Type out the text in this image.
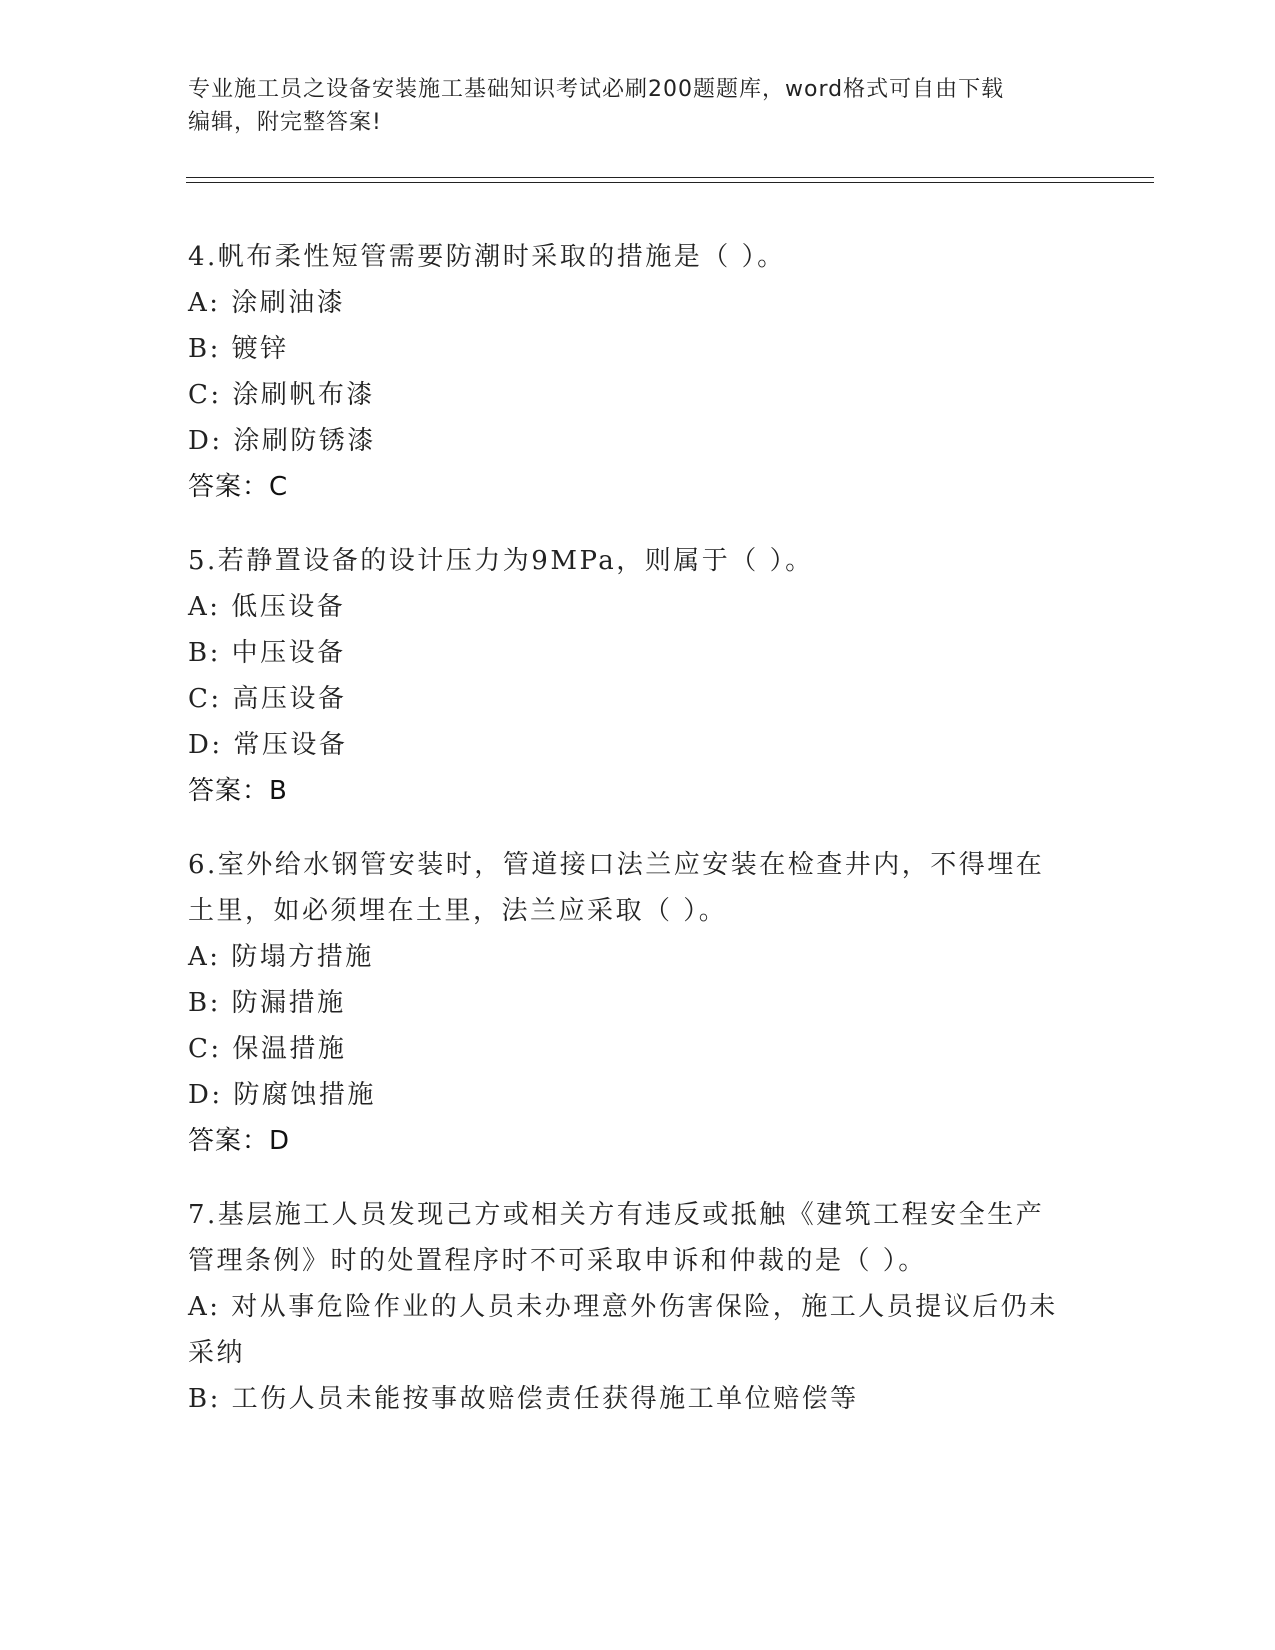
专业施工员之设备安装施工基础知识考试必刷200题题库，word格式可自由下载
编辑，附完整答案!
4.帆布柔性短管需要防潮时采取的措施是（ ）。
A: 涂刷油漆
B: 镀锌
C: 涂刷帆布漆
D: 涂刷防锈漆
答案：C
5.若静置设备的设计压力为9MPa，则属于（ ）。
A: 低压设备
B: 中压设备
C: 高压设备
D: 常压设备
答案：B
6.室外给水钢管安装时，管道接口法兰应安装在检查井内，不得埋在
土里，如必须埋在土里，法兰应采取（ ）。
A: 防塌方措施
B: 防漏措施
C: 保温措施
D: 防腐蚀措施
答案：D
7.基层施工人员发现己方或相关方有违反或抵触《建筑工程安全生产
管理条例》时的处置程序时不可采取申诉和仲裁的是（ ）。
A: 对从事危险作业的人员未办理意外伤害保险，施工人员提议后仍未
采纳
B: 工伤人员未能按事故赔偿责任获得施工单位赔偿等
